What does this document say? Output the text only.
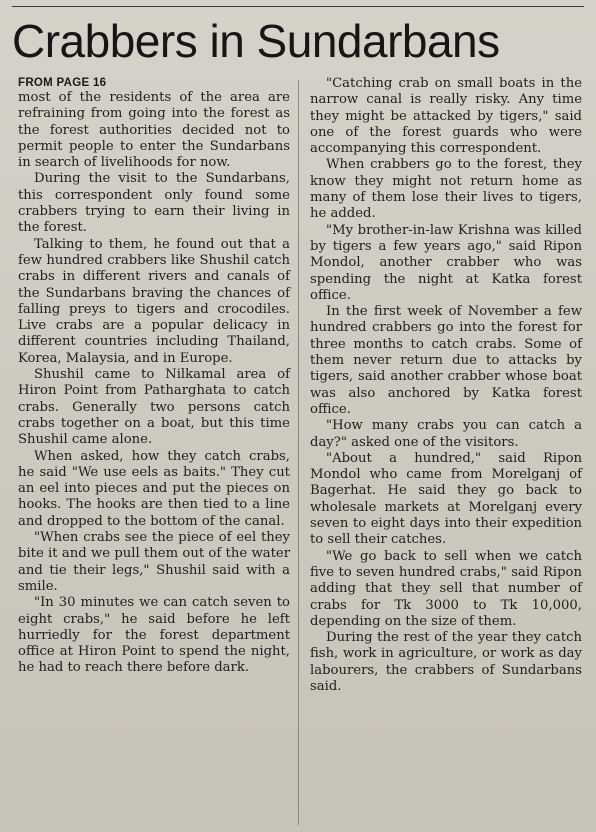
Crabbers in Sundarbans
FROM PAGE 16

most of the residents of the area are refraining from going into the forest as the forest authorities decided not to permit people to enter the Sundarbans in search of livelihoods for now.

During the visit to the Sundarbans, this correspondent only found some crabbers trying to earn their living in the forest.

Talking to them, he found out that a few hundred crabbers like Shushil catch crabs in different rivers and canals of the Sundarbans braving the chances of falling preys to tigers and crocodiles. Live crabs are a popular delicacy in different countries including Thailand, Korea, Malaysia, and in Europe.

Shushil came to Nilkamal area of Hiron Point from Patharghata to catch crabs. Generally two persons catch crabs together on a boat, but this time Shushil came alone.

When asked, how they catch crabs, he said "We use eels as baits." They cut an eel into pieces and put the pieces on hooks. The hooks are then tied to a line and dropped to the bottom of the canal.

"When crabs see the piece of eel they bite it and we pull them out of the water and tie their legs," Shushil said with a smile.

"In 30 minutes we can catch seven to eight crabs," he said before he left hurriedly for the forest department office at Hiron Point to spend the night, he had to reach there before dark.

"Catching crab on small boats in the narrow canal is really risky. Any time they might be attacked by tigers," said one of the forest guards who were accompanying this correspondent.

When crabbers go to the forest, they know they might not return home as many of them lose their lives to tigers, he added.

"My brother-in-law Krishna was killed by tigers a few years ago," said Ripon Mondol, another crabber who was spending the night at Katka forest office.

In the first week of November a few hundred crabbers go into the forest for three months to catch crabs. Some of them never return due to attacks by tigers, said another crabber whose boat was also anchored by Katka forest office.

"How many crabs you can catch a day?" asked one of the visitors.

"About a hundred," said Ripon Mondol who came from Morelganj of Bagerhat. He said they go back to wholesale markets at Morelganj every seven to eight days into their expedition to sell their catches.

"We go back to sell when we catch five to seven hundred crabs," said Ripon adding that they sell that number of crabs for Tk 3000 to Tk 10,000, depending on the size of them.

During the rest of the year they catch fish, work in agriculture, or work as day labourers, the crabbers of Sundarbans said.
